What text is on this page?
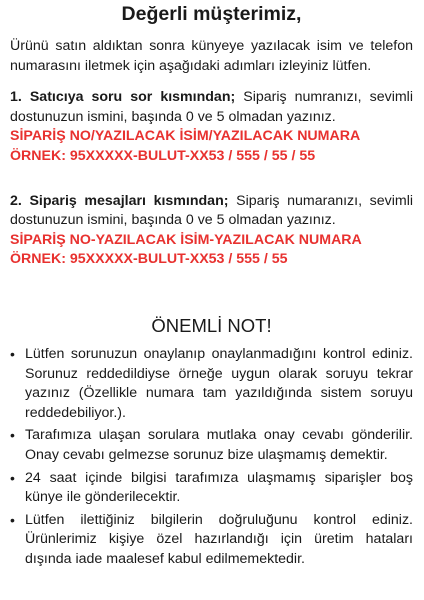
Değerli müşterimiz,

Ürünü satın aldıktan sonra künyeye yazılacak isim ve telefon numarasını iletmek için aşağıdaki adımları izleyiniz lütfen.

1. Satıcıya soru sor kısmından; Sipariş numranızı, sevimli dostunuzun ismini, başında 0 ve 5 olmadan yazınız.

SİPARİŞ NO/YAZILACAK İSİM/YAZILACAK NUMARA

ÖRNEK: 95XXXXX-BULUT-XX53 / 555 / 55 / 55

2. Sipariş mesajları kısmından; Sipariş numaranızı, sevimli dostunuzun ismini, başında 0 ve 5 olmadan yazınız.

SİPARİŞ NO-YAZILACAK İSİM-YAZILACAK NUMARA

ÖRNEK: 95XXXXX-BULUT-XX53 / 555 / 55

ÖNEMLİ NOT!
• Lütfen sorunuzun onaylanıp onaylanmadığını kontrol ediniz. Sorunuz reddedildiyse örneğe uygun olarak soruyu tekrar yazınız (Özellikle numara tam yazıldığında sistem soruyu reddedebiliyor.).
• Tarafımıza ulaşan sorulara mutlaka onay cevabı gönderilir. Onay cevabı gelmezse sorunuz bize ulaşmamış demektir.
• 24 saat içinde bilgisi tarafımıza ulaşmamış siparişler boş künye ile gönderilecektir.
• Lütfen ilettiğiniz bilgilerin doğruluğunu kontrol ediniz. Ürünlerimiz kişiye özel hazırlandığı için üretim hataları dışında iade maalesef kabul edilmemektedir.
